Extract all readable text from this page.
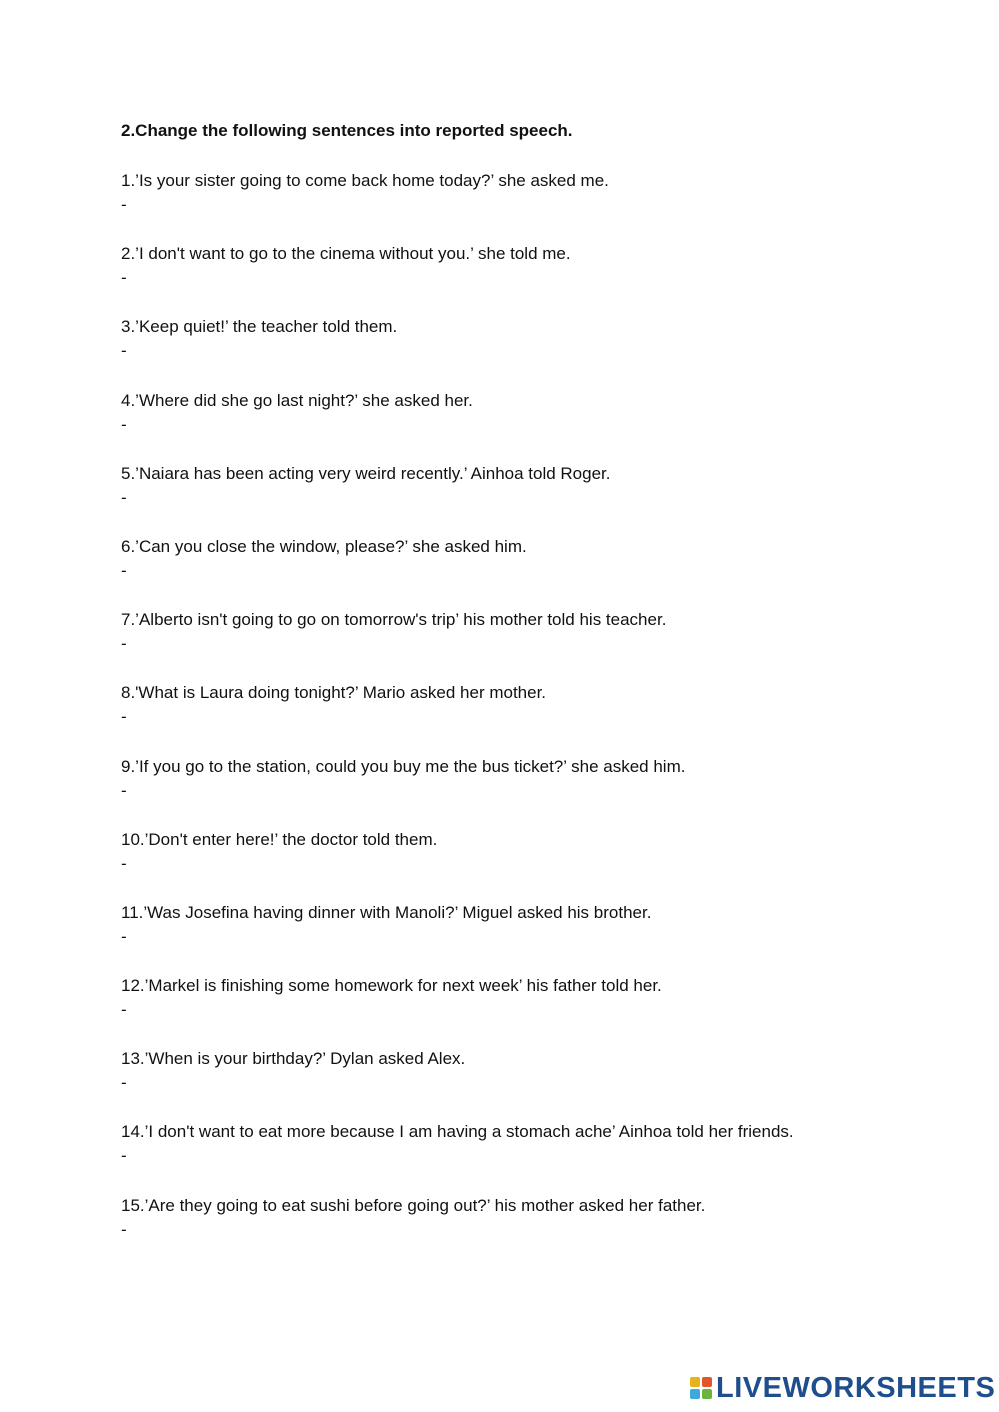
2.Change the following sentences into reported speech.
1.’Is your sister going to come back home today?’ she asked me.
-
2.’I don't want to go to the cinema without you.’ she told me.
-
3.’Keep quiet!’ the teacher told them.
-
4.’Where did she go last night?’ she asked her.
-
5.’Naiara has been acting very weird recently.’ Ainhoa told Roger.
-
6.’Can you close the window, please?’ she asked him.
-
7.’Alberto isn't going to go on tomorrow's trip’ his mother told his teacher.
-
8.'What is Laura doing tonight?’ Mario asked her mother.
-
9.’If you go to the station, could you buy me the bus ticket?’ she asked him.
-
10.’Don't enter here!’ the doctor told them.
-
11.’Was Josefina having dinner with Manoli?’ Miguel asked his brother.
-
12.’Markel is finishing some homework for next week’ his father told her.
-
13.’When is your birthday?’ Dylan asked Alex.
-
14.’I don't want to eat more because I am having a stomach ache’ Ainhoa told her friends.
-
15.’Are they going to eat sushi before going out?’ his mother asked her father.
-
LIVEWORKSHEETS
